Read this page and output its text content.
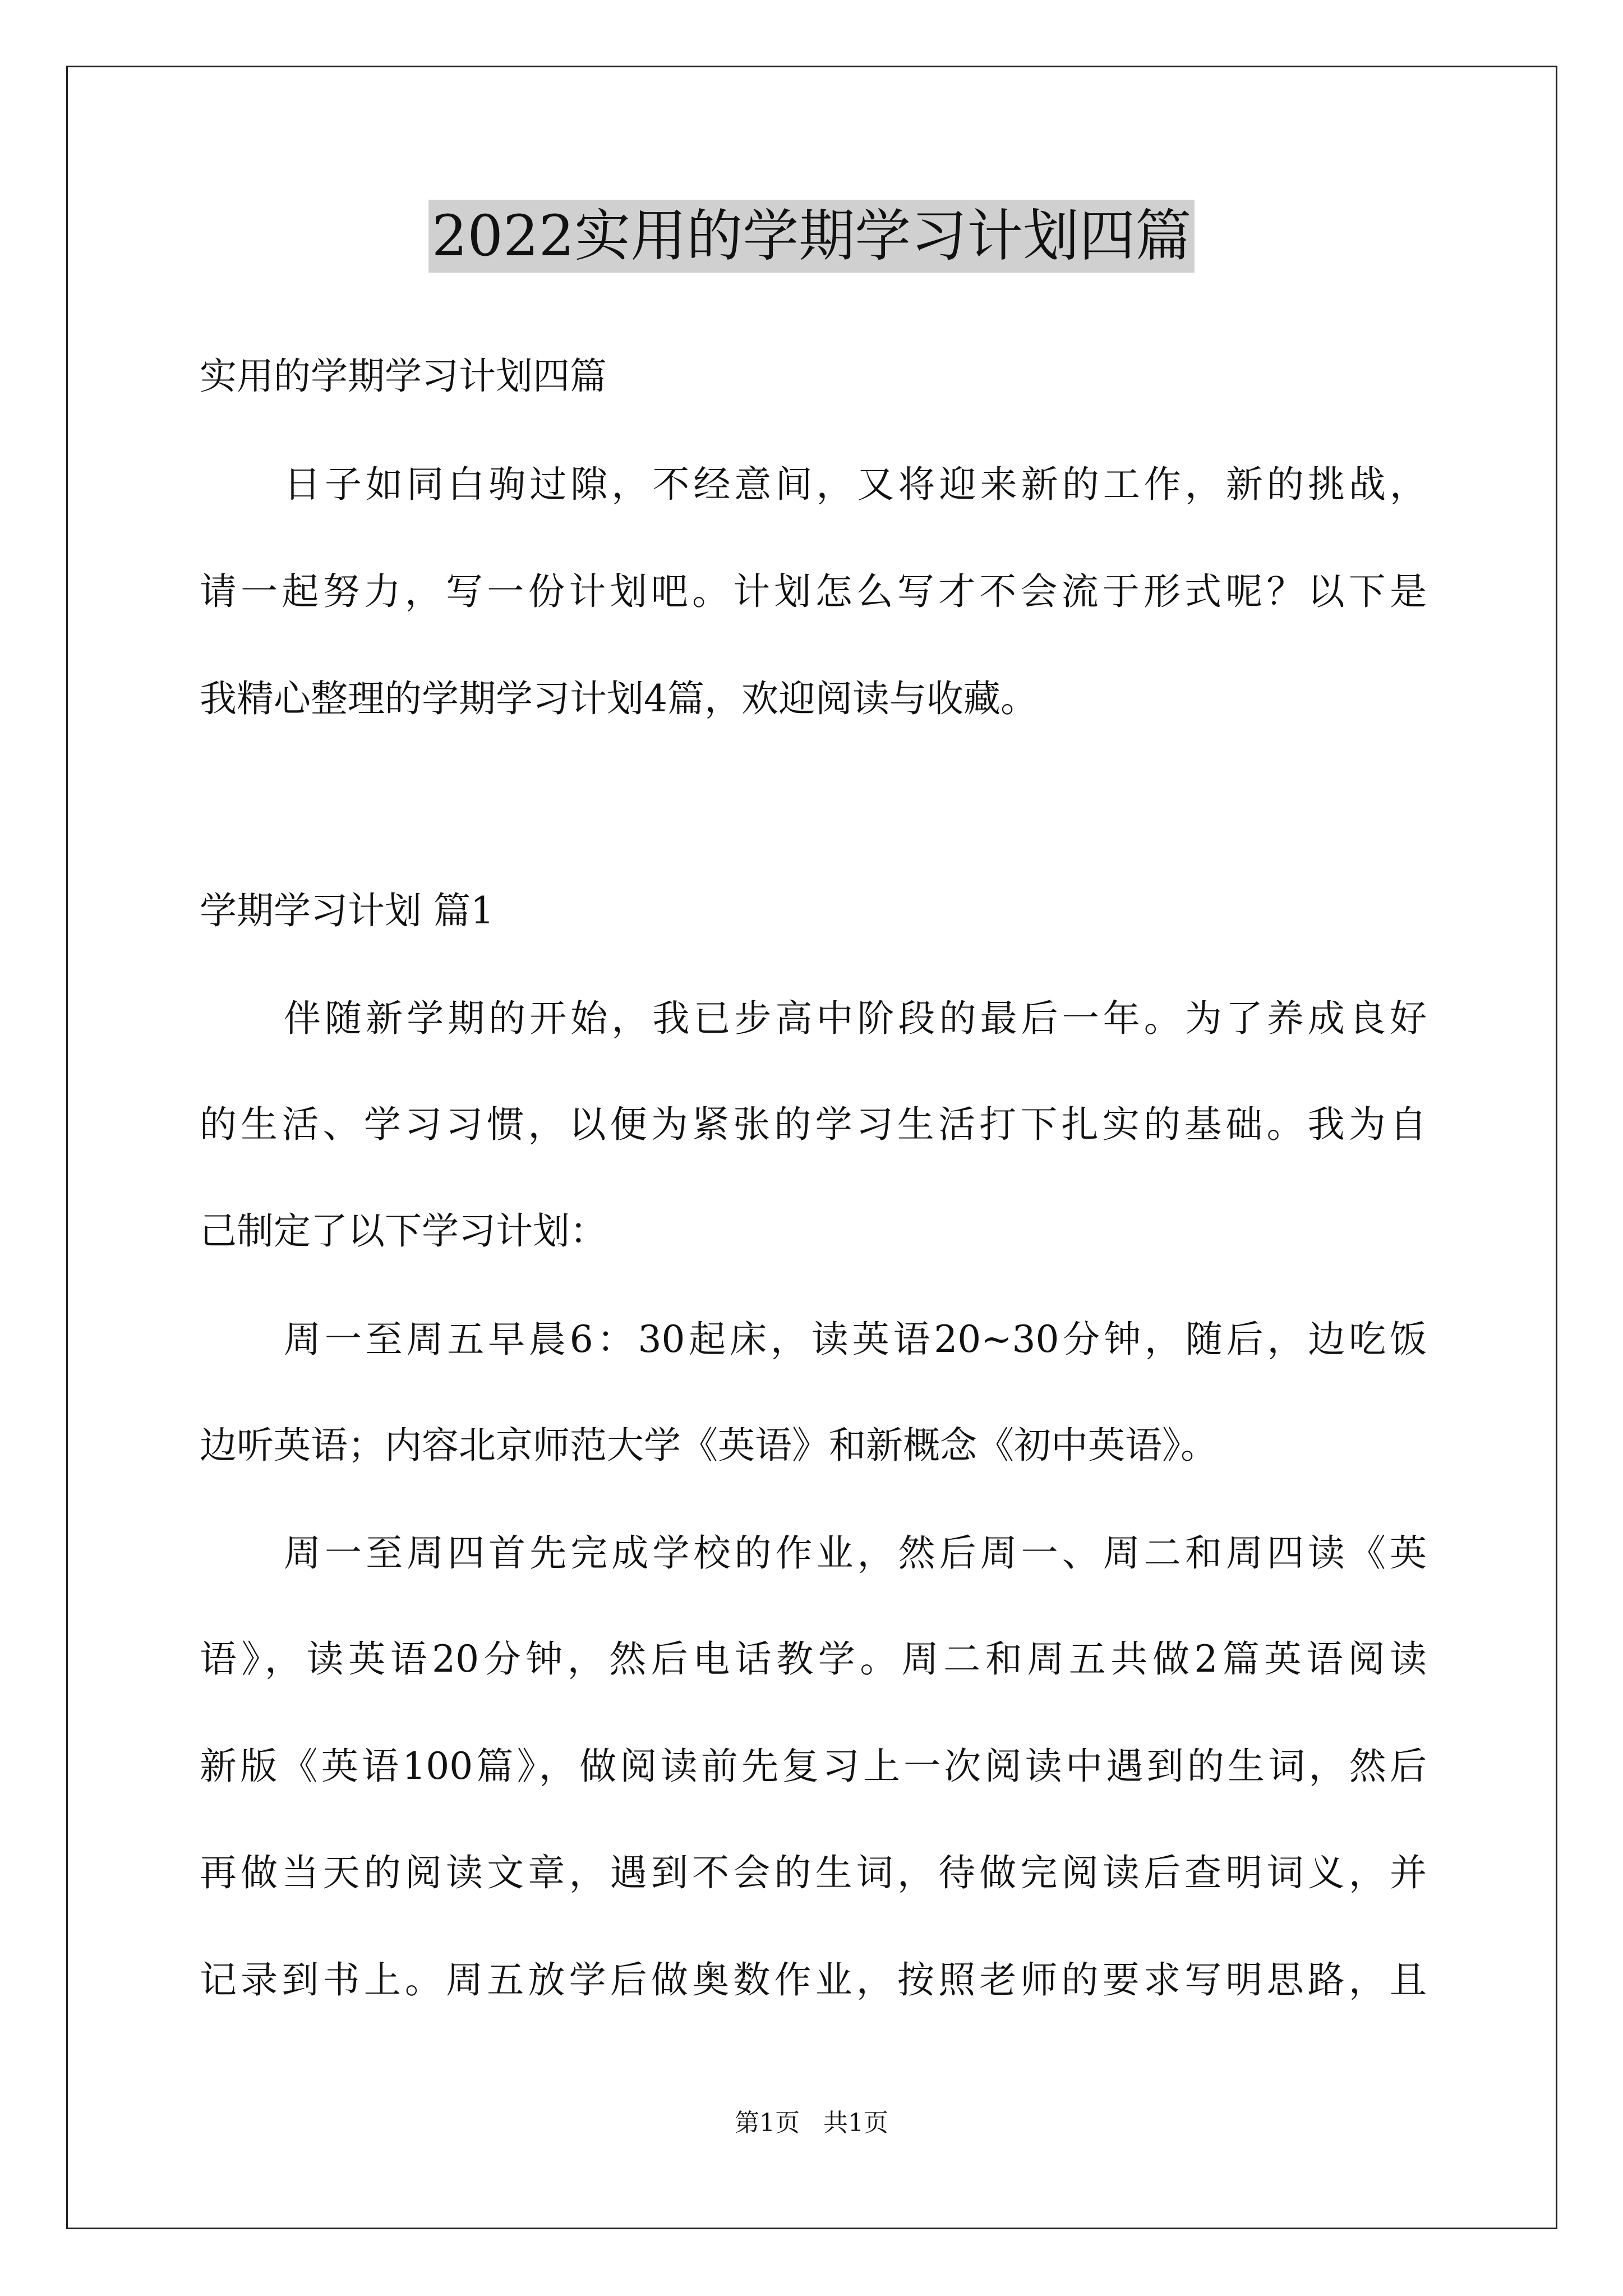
2022实用的学期学习计划四篇
实用的学期学习计划四篇
日子如同白驹过隙，不经意间，又将迎来新的工作，新的挑战，
请一起努力，写一份计划吧。计划怎么写才不会流于形式呢？以下是
我精心整理的学期学习计划4篇，欢迎阅读与收藏。
学期学习计划 篇1
伴随新学期的开始，我已步高中阶段的最后一年。为了养成良好
的生活、学习习惯，以便为紧张的学习生活打下扎实的基础。我为自
己制定了以下学习计划：
周一至周五早晨6：30起床，读英语20~30分钟，随后，边吃饭
边听英语；内容北京师范大学《英语》和新概念《初中英语》。
周一至周四首先完成学校的作业，然后周一、周二和周四读《英
语》，读英语20分钟，然后电话教学。周二和周五共做2篇英语阅读
新版《英语100篇》，做阅读前先复习上一次阅读中遇到的生词，然后
再做当天的阅读文章，遇到不会的生词，待做完阅读后查明词义，并
记录到书上。周五放学后做奥数作业，按照老师的要求写明思路，且
第1页 共1页
